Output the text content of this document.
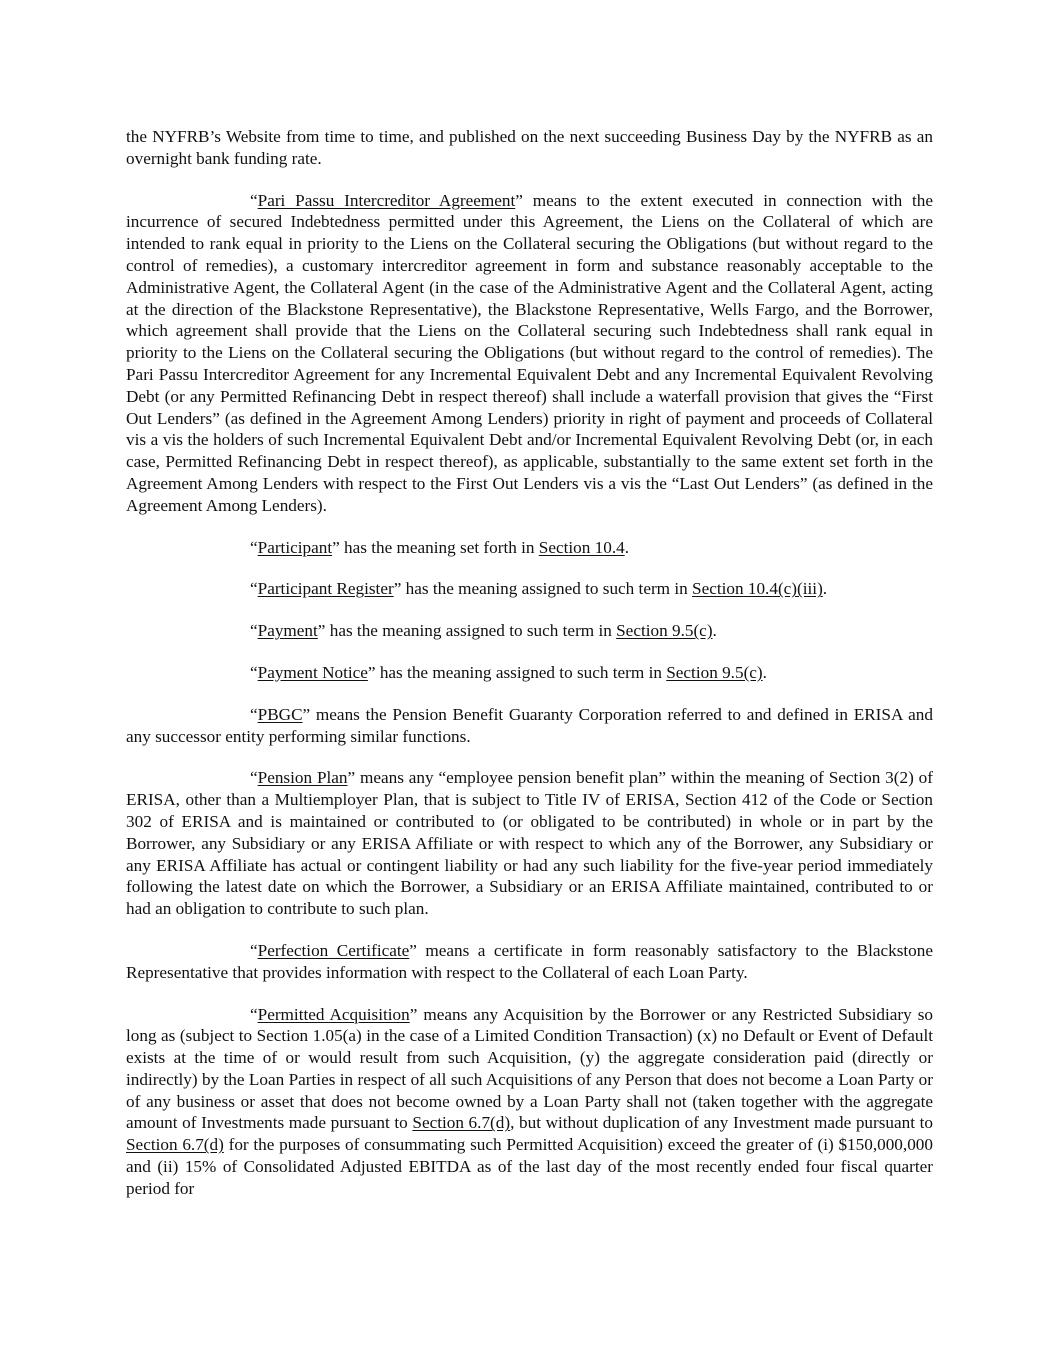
the NYFRB’s Website from time to time, and published on the next succeeding Business Day by the NYFRB as an overnight bank funding rate.

“Pari Passu Intercreditor Agreement” means to the extent executed in connection with the incurrence of secured Indebtedness permitted under this Agreement, the Liens on the Collateral of which are intended to rank equal in priority to the Liens on the Collateral securing the Obligations (but without regard to the control of remedies), a customary intercreditor agreement in form and substance reasonably acceptable to the Administrative Agent, the Collateral Agent (in the case of the Administrative Agent and the Collateral Agent, acting at the direction of the Blackstone Representative), the Blackstone Representative, Wells Fargo, and the Borrower, which agreement shall provide that the Liens on the Collateral securing such Indebtedness shall rank equal in priority to the Liens on the Collateral securing the Obligations (but without regard to the control of remedies). The Pari Passu Intercreditor Agreement for any Incremental Equivalent Debt and any Incremental Equivalent Revolving Debt (or any Permitted Refinancing Debt in respect thereof) shall include a waterfall provision that gives the “First Out Lenders” (as defined in the Agreement Among Lenders) priority in right of payment and proceeds of Collateral vis a vis the holders of such Incremental Equivalent Debt and/or Incremental Equivalent Revolving Debt (or, in each case, Permitted Refinancing Debt in respect thereof), as applicable, substantially to the same extent set forth in the Agreement Among Lenders with respect to the First Out Lenders vis a vis the “Last Out Lenders” (as defined in the Agreement Among Lenders).

“Participant” has the meaning set forth in Section 10.4.

“Participant Register” has the meaning assigned to such term in Section 10.4(c)(iii).

“Payment” has the meaning assigned to such term in Section 9.5(c).

“Payment Notice” has the meaning assigned to such term in Section 9.5(c).

“PBGC” means the Pension Benefit Guaranty Corporation referred to and defined in ERISA and any successor entity performing similar functions.

“Pension Plan” means any “employee pension benefit plan” within the meaning of Section 3(2) of ERISA, other than a Multiemployer Plan, that is subject to Title IV of ERISA, Section 412 of the Code or Section 302 of ERISA and is maintained or contributed to (or obligated to be contributed) in whole or in part by the Borrower, any Subsidiary or any ERISA Affiliate or with respect to which any of the Borrower, any Subsidiary or any ERISA Affiliate has actual or contingent liability or had any such liability for the five-year period immediately following the latest date on which the Borrower, a Subsidiary or an ERISA Affiliate maintained, contributed to or had an obligation to contribute to such plan.

“Perfection Certificate” means a certificate in form reasonably satisfactory to the Blackstone Representative that provides information with respect to the Collateral of each Loan Party.

“Permitted Acquisition” means any Acquisition by the Borrower or any Restricted Subsidiary so long as (subject to Section 1.05(a) in the case of a Limited Condition Transaction) (x) no Default or Event of Default exists at the time of or would result from such Acquisition, (y) the aggregate consideration paid (directly or indirectly) by the Loan Parties in respect of all such Acquisitions of any Person that does not become a Loan Party or of any business or asset that does not become owned by a Loan Party shall not (taken together with the aggregate amount of Investments made pursuant to Section 6.7(d), but without duplication of any Investment made pursuant to Section 6.7(d) for the purposes of consummating such Permitted Acquisition) exceed the greater of (i) $150,000,000 and (ii) 15% of Consolidated Adjusted EBITDA as of the last day of the most recently ended four fiscal quarter period for
